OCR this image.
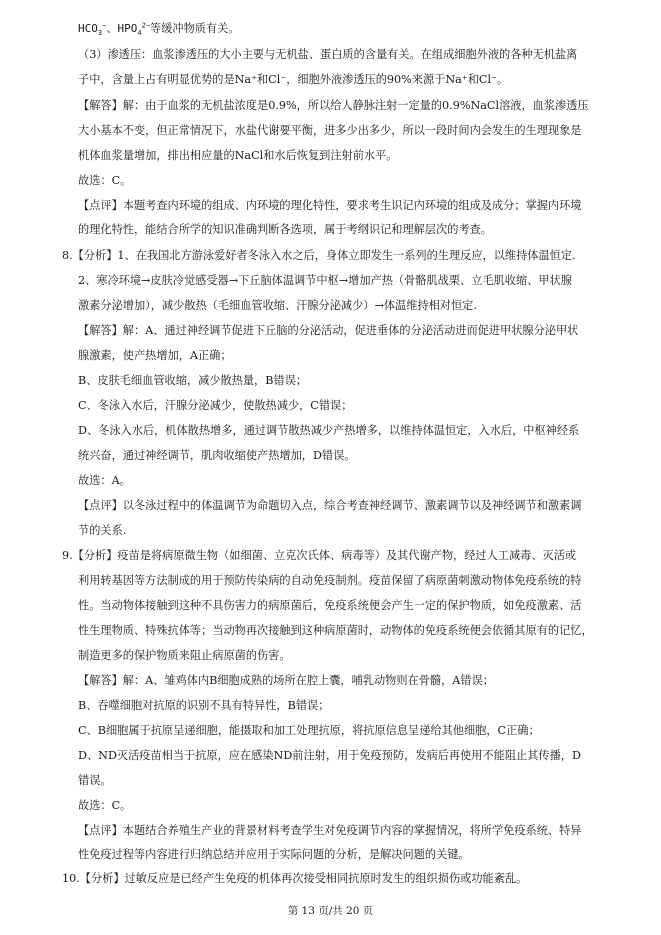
$HCO_3^-$、$HPO_4^{2-}$等缓冲物质有关。
（3）渗透压：血浆渗透压的大小主要与无机盐、蛋白质的含量有关。在组成细胞外液的各种无机盐离
子中，含量上占有明显优势的是Na⁺和Cl⁻，细胞外液渗透压的90%来源于Na⁺和Cl⁻。
【解答】解：由于血浆的无机盐浓度是0.9%，所以给人静脉注射一定量的0.9%NaCl溶液，血浆渗透压
大小基本不变，但正常情况下，水盐代谢要平衡，进多少出多少，所以一段时间内会发生的生理现象是
机体血浆量增加，排出相应量的NaCl和水后恢复到注射前水平。
故选：C。
【点评】本题考查内环境的组成、内环境的理化特性，要求考生识记内环境的组成及成分；掌握内环境
的理化特性，能结合所学的知识准确判断各选项，属于考纲识记和理解层次的考查。
8.【分析】1、在我国北方游泳爱好者冬泳入水之后，身体立即发生一系列的生理反应，以维持体温恒定.
2、寒冷环境→皮肤冷觉感受器→下丘脑体温调节中枢→增加产热（骨骼肌战栗、立毛肌收缩、甲状腺
激素分泌增加），减少散热（毛细血管收缩、汗腺分泌减少）→体温维持相对恒定.
【解答】解：A、通过神经调节促进下丘脑的分泌活动，促进垂体的分泌活动进而促进甲状腺分泌甲状
腺激素，使产热增加，A正确；
B、皮肤毛细血管收缩，减少散热量，B错误；
C、冬泳入水后，汗腺分泌减少，使散热减少，C错误；
D、冬泳入水后，机体散热增多，通过调节散热减少产热增多，以维持体温恒定，入水后，中枢神经系
统兴奋，通过神经调节，肌肉收缩使产热增加，D错误。
故选：A。
【点评】以冬泳过程中的体温调节为命题切入点，综合考查神经调节、激素调节以及神经调节和激素调
节的关系.
9.【分析】疫苗是将病原微生物（如细菌、立克次氏体、病毒等）及其代谢产物，经过人工减毒、灭活或
利用转基因等方法制成的用于预防传染病的自动免疫制剂。疫苗保留了病原菌刺激动物体免疫系统的特
性。当动物体接触到这种不具伤害力的病原菌后，免疫系统便会产生一定的保护物质，如免疫激素、活
性生理物质、特殊抗体等；当动物再次接触到这种病原菌时，动物体的免疫系统便会依循其原有的记忆，
制造更多的保护物质来阻止病原菌的伤害。
【解答】解：A、雏鸡体内B细胞成熟的场所在腔上囊，哺乳动物则在骨髓，A错误；
B、吞噬细胞对抗原的识别不具有特异性，B错误；
C、B细胞属于抗原呈递细胞，能摄取和加工处理抗原，将抗原信息呈递给其他细胞，C正确；
D、ND灭活疫苗相当于抗原，应在感染ND前注射，用于免疫预防，发病后再使用不能阻止其传播，D
错误。
故选：C。
【点评】本题结合养殖生产业的背景材料考查学生对免疫调节内容的掌握情况，将所学免疫系统、特异
性免疫过程等内容进行归纳总结并应用于实际问题的分析，是解决问题的关键。
第 13 页/共 20 页
10.【分析】过敏反应是已经产生免疫的机体再次接受相同抗原时发生的组织损伤或功能紊乱。
